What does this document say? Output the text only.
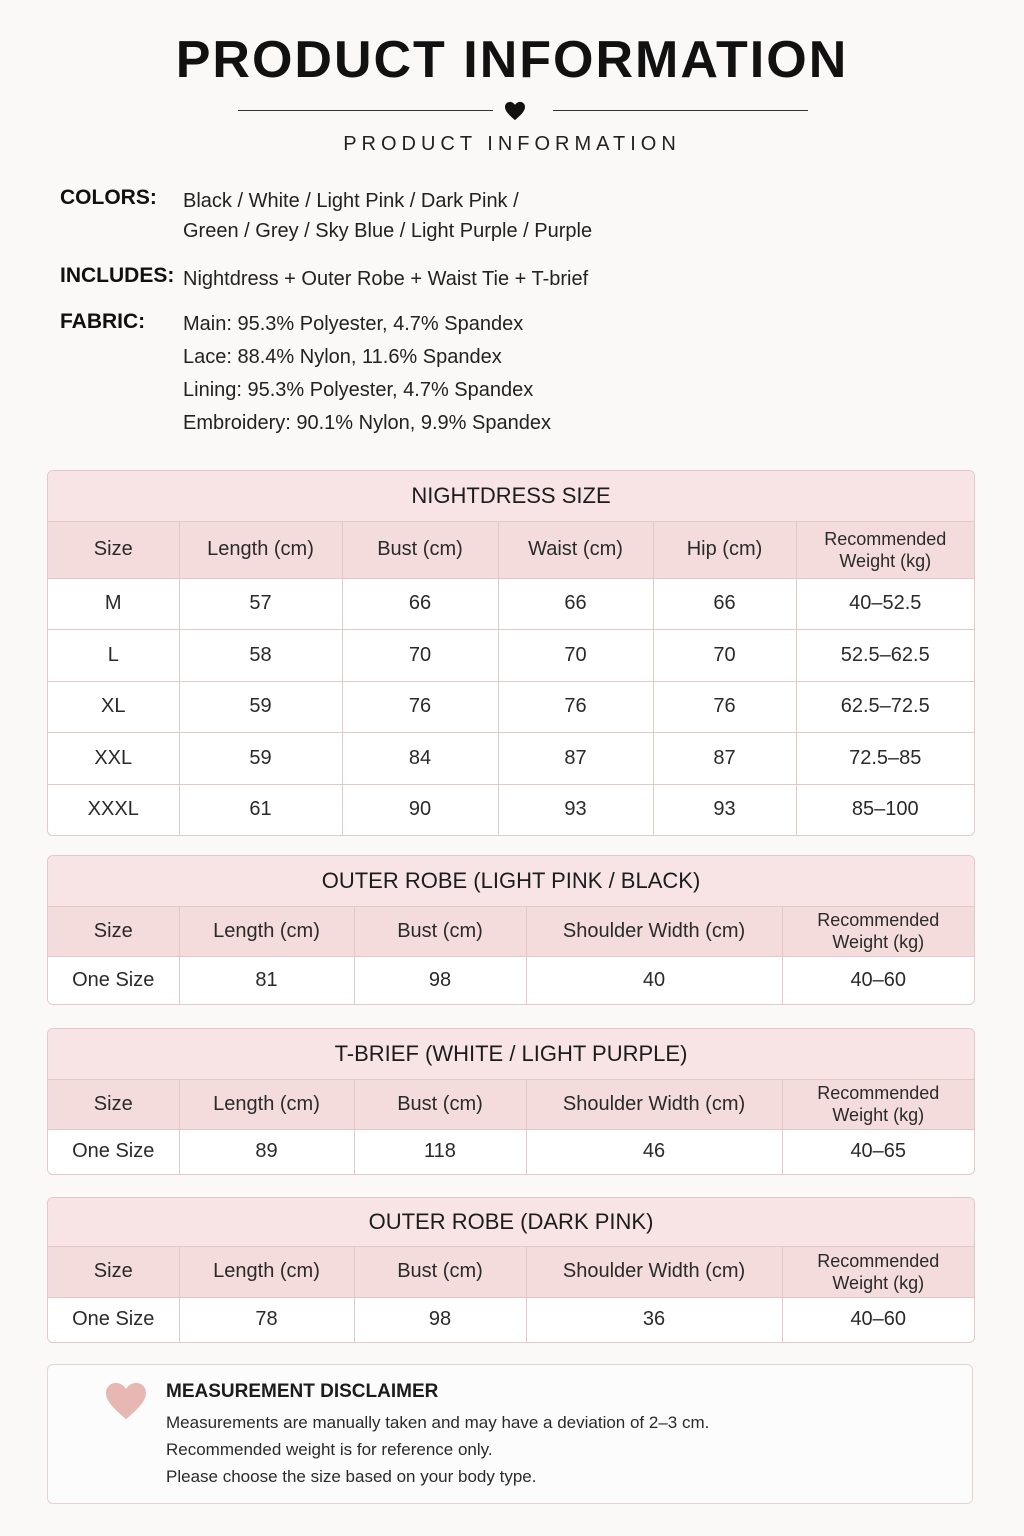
PRODUCT INFORMATION
PRODUCT INFORMATION
COLORS: Black / White / Light Pink / Dark Pink /
Green / Grey / Sky Blue / Light Purple / Purple
INCLUDES: Nightdress + Outer Robe + Waist Tie + T-brief
FABRIC: Main: 95.3% Polyester, 4.7% Spandex
Lace: 88.4% Nylon, 11.6% Spandex
Lining: 95.3% Polyester, 4.7% Spandex
Embroidery: 90.1% Nylon, 9.9% Spandex
NIGHTDRESS SIZE
Size	Length (cm)	Bust (cm)	Waist (cm)	Hip (cm)	Recommended
Weight (kg)
M	57	66	66	66	40–52.5
L	58	70	70	70	52.5–62.5
XL	59	76	76	76	62.5–72.5
XXL	59	84	87	87	72.5–85
XXXL	61	90	93	93	85–100
OUTER ROBE (LIGHT PINK / BLACK)
Size	Length (cm)	Bust (cm)	Shoulder Width (cm)	Recommended
Weight (kg)
One Size	81	98	40	40–60
T-BRIEF (WHITE / LIGHT PURPLE)
Size	Length (cm)	Bust (cm)	Shoulder Width (cm)	Recommended
Weight (kg)
One Size	89	118	46	40–65
OUTER ROBE (DARK PINK)
Size	Length (cm)	Bust (cm)	Shoulder Width (cm)	Recommended
Weight (kg)
One Size	78	98	36	40–60
MEASUREMENT DISCLAIMER
Measurements are manually taken and may have a deviation of 2–3 cm.
Recommended weight is for reference only.
Please choose the size based on your body type.
